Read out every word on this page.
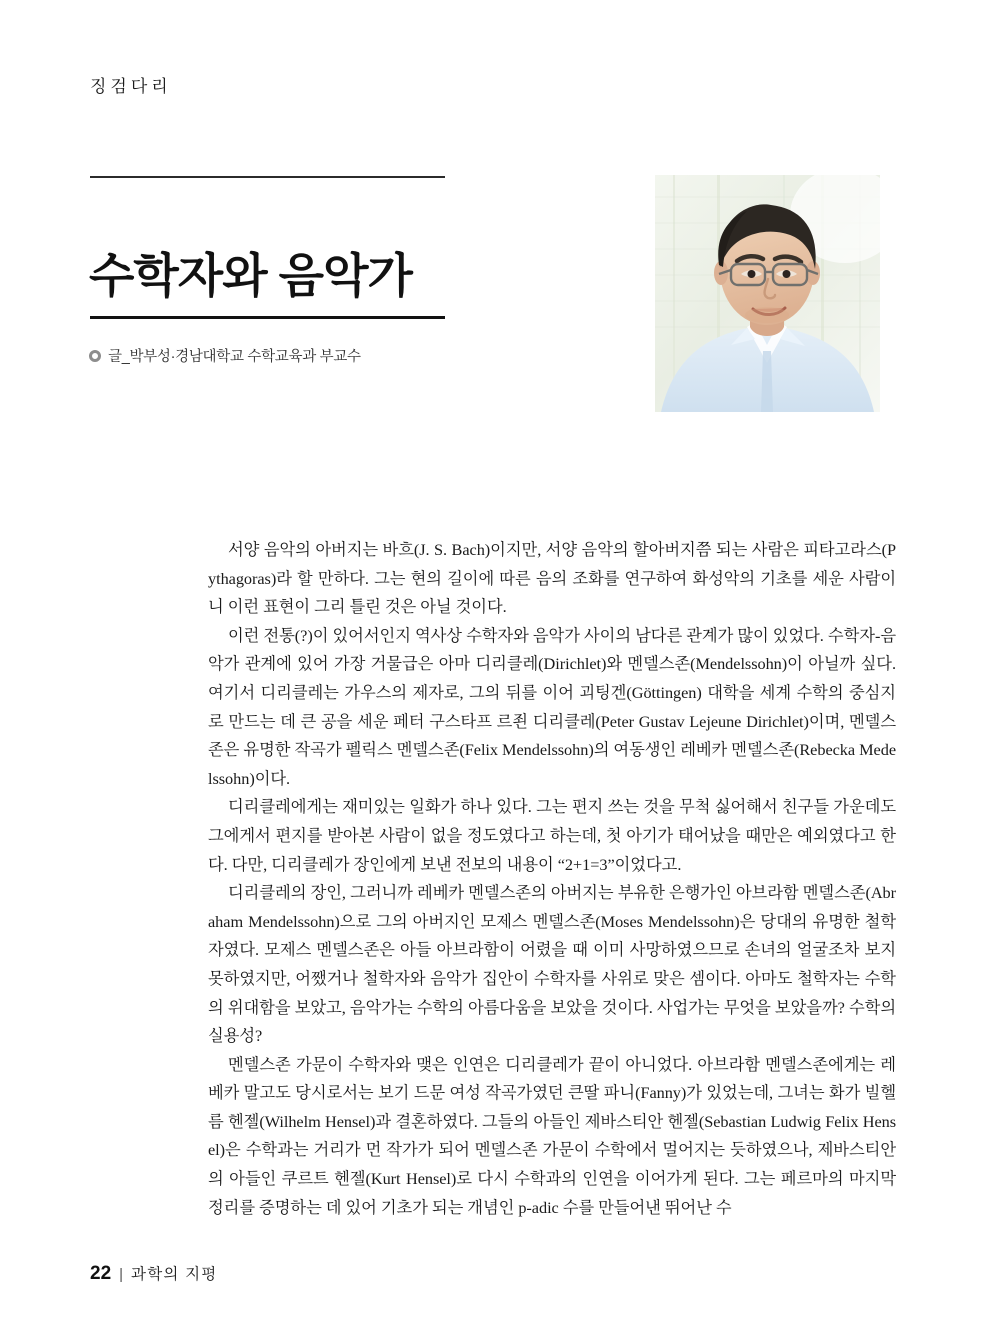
징검다리
수학자와 음악가
글_박부성·경남대학교 수학교육과 부교수

서양 음악의 아버지는 바흐(J. S. Bach)이지만, 서양 음악의 할아버지쯤 되는 사람은 피타고라스(Pythagoras)라 할 만하다. 그는 현의 길이에 따른 음의 조화를 연구하여 화성악의 기초를 세운 사람이니 이런 표현이 그리 틀린 것은 아닐 것이다.

이런 전통(?)이 있어서인지 역사상 수학자와 음악가 사이의 남다른 관계가 많이 있었다. 수학자-음악가 관계에 있어 가장 거물급은 아마 디리클레(Dirichlet)와 멘델스존(Mendelssohn)이 아닐까 싶다. 여기서 디리클레는 가우스의 제자로, 그의 뒤를 이어 괴팅겐(Göttingen) 대학을 세계 수학의 중심지로 만드는 데 큰 공을 세운 페터 구스타프 르죈 디리클레(Peter Gustav Lejeune Dirichlet)이며, 멘델스존은 유명한 작곡가 펠릭스 멘델스존(Felix Mendelssohn)의 여동생인 레베카 멘델스존(Rebecka Medelssohn)이다.

디리클레에게는 재미있는 일화가 하나 있다. 그는 편지 쓰는 것을 무척 싫어해서 친구들 가운데도 그에게서 편지를 받아본 사람이 없을 정도였다고 하는데, 첫 아기가 태어났을 때만은 예외였다고 한다. 다만, 디리클레가 장인에게 보낸 전보의 내용이 “2+1=3”이었다고.

디리클레의 장인, 그러니까 레베카 멘델스존의 아버지는 부유한 은행가인 아브라함 멘델스존(Abraham Mendelssohn)으로 그의 아버지인 모제스 멘델스존(Moses Mendelssohn)은 당대의 유명한 철학자였다. 모제스 멘델스존은 아들 아브라함이 어렸을 때 이미 사망하였으므로 손녀의 얼굴조차 보지 못하였지만, 어쨌거나 철학자와 음악가 집안이 수학자를 사위로 맞은 셈이다. 아마도 철학자는 수학의 위대함을 보았고, 음악가는 수학의 아름다움을 보았을 것이다. 사업가는 무엇을 보았을까? 수학의 실용성?

멘델스존 가문이 수학자와 맺은 인연은 디리클레가 끝이 아니었다. 아브라함 멘델스존에게는 레베카 말고도 당시로서는 보기 드문 여성 작곡가였던 큰딸 파니(Fanny)가 있었는데, 그녀는 화가 빌헬름 헨젤(Wilhelm Hensel)과 결혼하였다. 그들의 아들인 제바스티안 헨젤(Sebastian Ludwig Felix Hensel)은 수학과는 거리가 먼 작가가 되어 멘델스존 가문이 수학에서 멀어지는 듯하였으나, 제바스티안의 아들인 쿠르트 헨젤(Kurt Hensel)로 다시 수학과의 인연을 이어가게 된다. 그는 페르마의 마지막 정리를 증명하는 데 있어 기초가 되는 개념인 p-adic 수를 만들어낸 뛰어난 수

22 | 과학의 지평
